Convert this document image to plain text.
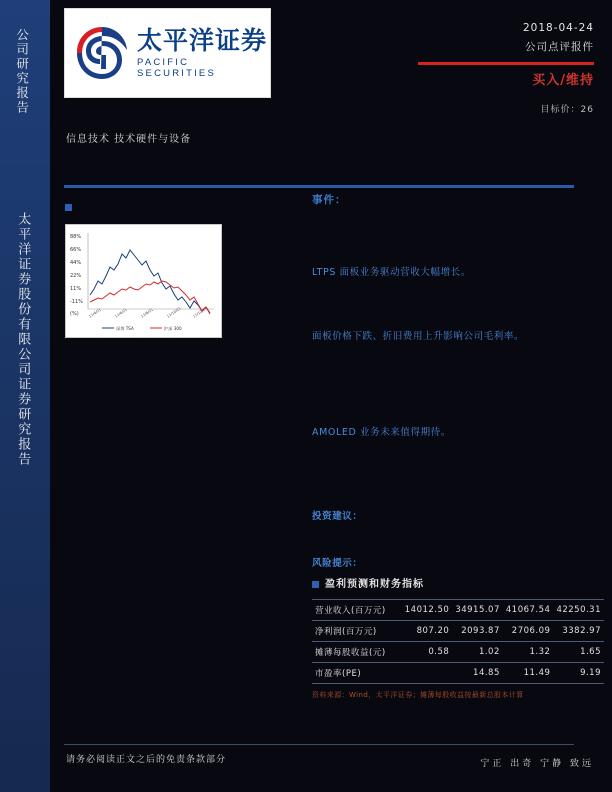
公司研究报告
太平洋证券股份有限公司证券研究报告
太平洋证券
PACIFIC SECURITIES
2018-04-24
公司点评报件
买入/维持
目标价：26
信息技术 技术硬件与设备
88%
66%
44%
22%
11%
-11%
(%)	17/4/21	17/6/21	17/8/21	17/10/21	17/12/21
深圳 TSA	沪深 300
事件：
LTPS 面板业务驱动营收大幅增长。
面板价格下跌、折旧费用上升影响公司毛利率。
AMOLED 业务未来值得期待。
投资建议：
风险提示：
盈利预测和财务指标
营业收入(百万元)	14012.50	34915.07	41067.54	42250.31
净利润(百万元)	807.20	2093.87	2706.09	3382.97
摊薄每股收益(元)	0.58	1.02	1.32	1.65
市盈率(PE)		14.85	11.49	9.19
资料来源：Wind，太平洋证券；摊薄每股收益按最新总股本计算
请务必阅读正文之后的免责条款部分	宁正 出奇 宁静 致远
